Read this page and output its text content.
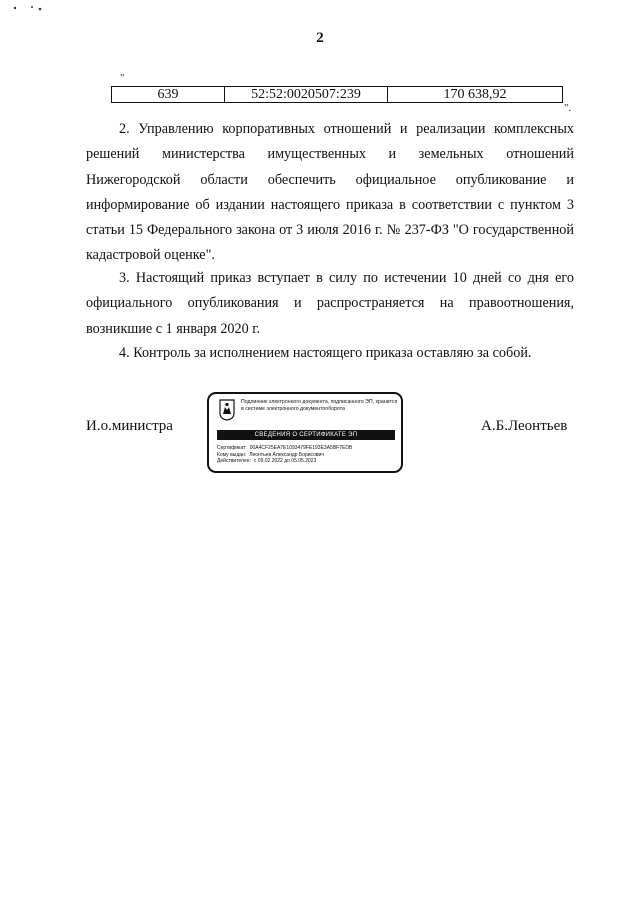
2
"
639	52:52:0020507:239	170 638,92
".

2. Управлению корпоративных отношений и реализации комплексных решений министерства имущественных и земельных отношений Нижегородской области обеспечить официальное опубликование и информирование об издании настоящего приказа в соответствии с пунктом 3 статьи 15 Федерального закона от 3 июля 2016 г. № 237-ФЗ "О государственной кадастровой оценке".

3. Настоящий приказ вступает в силу по истечении 10 дней со дня его официального опубликования и распространяется на правоотношения, возникшие с 1 января 2020 г.

4. Контроль за исполнением настоящего приказа оставляю за собой.

И.о.министра	А.Б.Леонтьев
Подлинник электронного документа, подписанного ЭП, хранится в системе электронного документооборота
СВЕДЕНИЯ О СЕРТИФИКАТЕ ЭП
Сертификат: 00A4CF25EA7E1093479FE193E3A5BF7EDB
Кому выдан: Леонтьев Александр Борисович
Действителен: с 09.02.2022 до 05.05.2023
